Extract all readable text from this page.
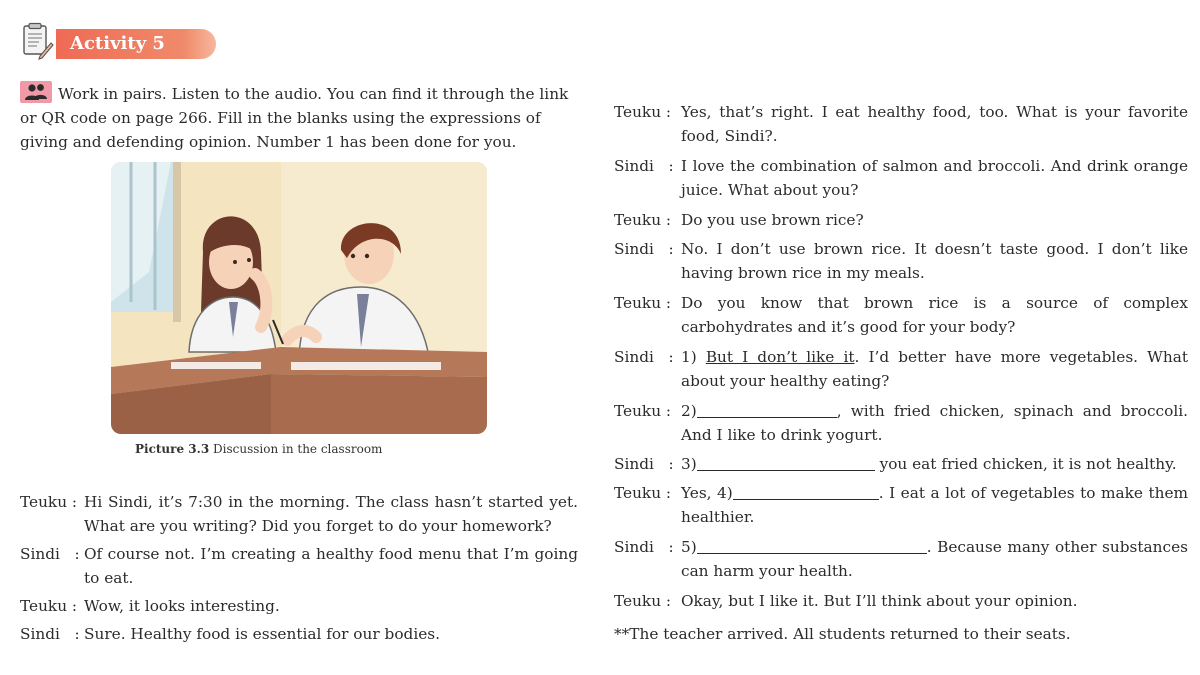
Activity 5

Work in pairs. Listen to the audio. You can find it through the link or QR code on page 266. Fill in the blanks using the expressions of giving and defending opinion. Number 1 has been done for you.

Picture 3.3 Discussion in the classroom
Teuku : Hi Sindi, it’s 7:30 in the morning. The class hasn’t started yet. What are you writing? Did you forget to do your homework?
Sindi   : Of course not. I’m creating a healthy food menu that I’m going to eat.
Teuku : Wow, it looks interesting.
Sindi   : Sure. Healthy food is essential for our bodies.
Teuku : Yes, that’s right. I eat healthy food, too. What is your favorite food, Sindi?.
Sindi   : I love the combination of salmon and broccoli. And drink orange juice. What about you?
Teuku : Do you use brown rice?
Sindi   : No. I don’t use brown rice. It doesn’t taste good. I don’t like having brown rice in my meals.
Teuku : Do you know that brown rice is a source of complex carbohydrates and it’s good for your body?
Sindi   : 1) But I don’t like it. I’d better have more vegetables. What about your healthy eating?
Teuku : 2)	, with fried chicken, spinach and broccoli. And I like to drink yogurt.
Sindi   : 3)	you eat fried chicken, it is not healthy.
Teuku : Yes, 4)	. I eat a lot of vegetables to make them healthier.
Sindi   : 5)	. Because many other substances can harm your health.
Teuku : Okay, but I like it. But I’ll think about your opinion.
**The teacher arrived. All students returned to their seats.
